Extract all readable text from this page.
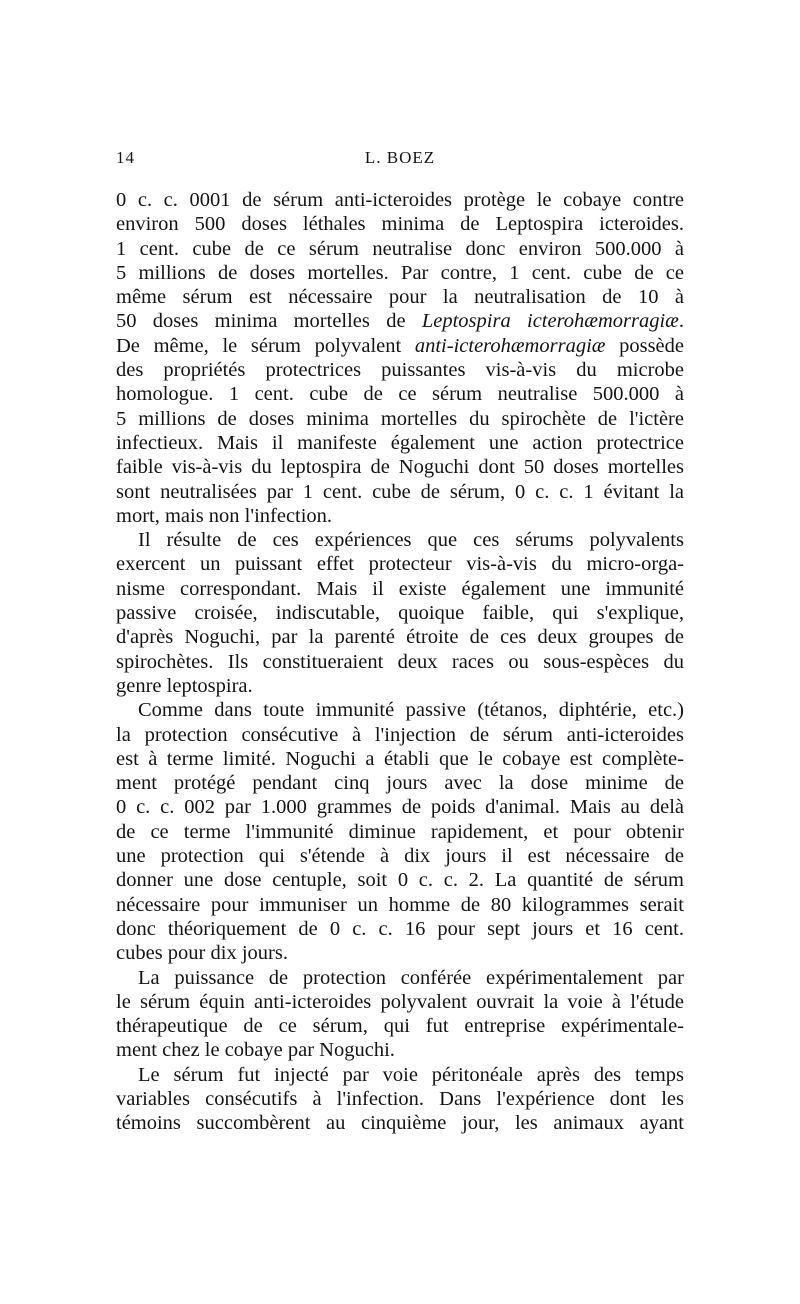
14	L. BOEZ

0 c. c. 0001 de sérum anti-icteroides protège le cobaye contre
environ 500 doses léthales minima de Leptospira icteroides.
1 cent. cube de ce sérum neutralise donc environ 500.000 à
5 millions de doses mortelles. Par contre, 1 cent. cube de ce
même sérum est nécessaire pour la neutralisation de 10 à
50 doses minima mortelles de Leptospira icterohæmorragiæ.
De même, le sérum polyvalent anti-icterohæmorragiæ possède
des propriétés protectrices puissantes vis-à-vis du microbe
homologue. 1 cent. cube de ce sérum neutralise 500.000 à
5 millions de doses minima mortelles du spirochète de l'ictère
infectieux. Mais il manifeste également une action protectrice
faible vis-à-vis du leptospira de Noguchi dont 50 doses mortelles
sont neutralisées par 1 cent. cube de sérum, 0 c. c. 1 évitant la
mort, mais non l'infection.

Il résulte de ces expériences que ces sérums polyvalents
exercent un puissant effet protecteur vis-à-vis du micro-orga-
nisme correspondant. Mais il existe également une immunité
passive croisée, indiscutable, quoique faible, qui s'explique,
d'après Noguchi, par la parenté étroite de ces deux groupes de
spirochètes. Ils constitueraient deux races ou sous-espèces du
genre leptospira.

Comme dans toute immunité passive (tétanos, diphtérie, etc.)
la protection consécutive à l'injection de sérum anti-icteroides
est à terme limité. Noguchi a établi que le cobaye est complète-
ment protégé pendant cinq jours avec la dose minime de
0 c. c. 002 par 1.000 grammes de poids d'animal. Mais au delà
de ce terme l'immunité diminue rapidement, et pour obtenir
une protection qui s'étende à dix jours il est nécessaire de
donner une dose centuple, soit 0 c. c. 2. La quantité de sérum
nécessaire pour immuniser un homme de 80 kilogrammes serait
donc théoriquement de 0 c. c. 16 pour sept jours et 16 cent.
cubes pour dix jours.

La puissance de protection conférée expérimentalement par
le sérum équin anti-icteroides polyvalent ouvrait la voie à l'étude
thérapeutique de ce sérum, qui fut entreprise expérimentale-
ment chez le cobaye par Noguchi.

Le sérum fut injecté par voie péritonéale après des temps
variables consécutifs à l'infection. Dans l'expérience dont les
témoins succombèrent au cinquième jour, les animaux ayant
